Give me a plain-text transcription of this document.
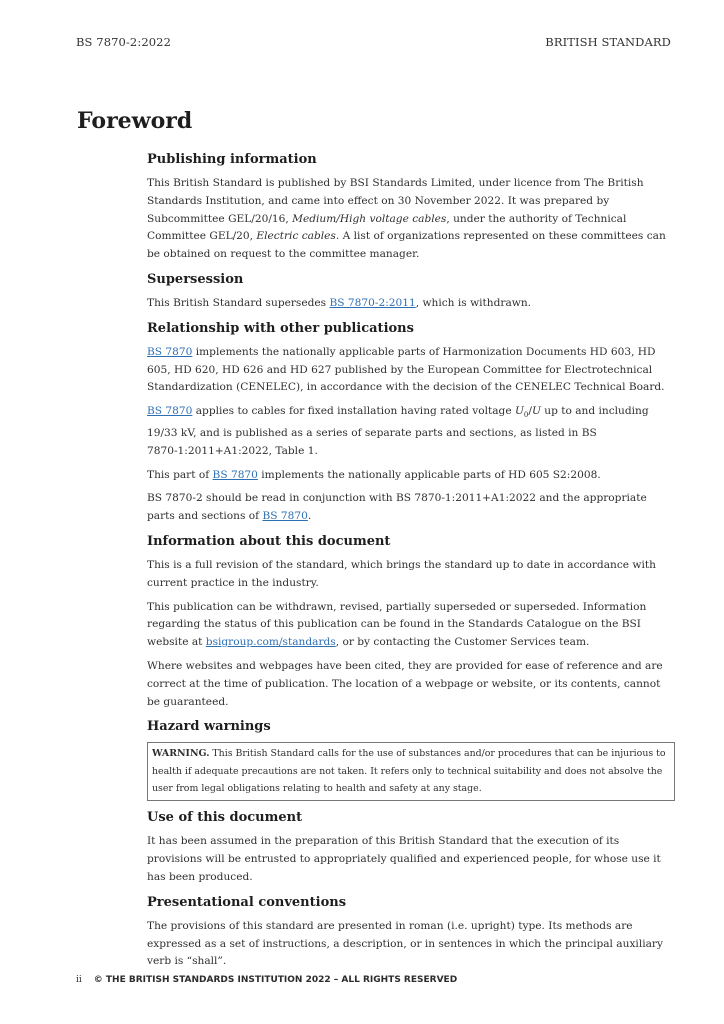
BS 7870‑2:2022	BRITISH STANDARD
Foreword
Publishing information

This British Standard is published by BSI Standards Limited, under licence from The British Standards Institution, and came into effect on 30 November 2022. It was prepared by Subcommittee GEL/20/16, Medium/High voltage cables, under the authority of Technical Committee GEL/20, Electric cables. A list of organizations represented on these committees can be obtained on request to the committee manager.

Supersession

This British Standard supersedes BS 7870‑2:2011, which is withdrawn.

Relationship with other publications

BS 7870 implements the nationally applicable parts of Harmonization Documents HD 603, HD 605, HD 620, HD 626 and HD 627 published by the European Committee for Electrotechnical Standardization (CENELEC), in accordance with the decision of the CENELEC Technical Board.

BS 7870 applies to cables for fixed installation having rated voltage $U_0/U$ up to and including 19/33 kV, and is published as a series of separate parts and sections, as listed in BS 7870‑1:2011+A1:2022, Table 1.

This part of BS 7870 implements the nationally applicable parts of HD 605 S2:2008.

BS 7870‑2 should be read in conjunction with BS 7870‑1:2011+A1:2022 and the appropriate parts and sections of BS 7870.

Information about this document

This is a full revision of the standard, which brings the standard up to date in accordance with current practice in the industry.

This publication can be withdrawn, revised, partially superseded or superseded. Information regarding the status of this publication can be found in the Standards Catalogue on the BSI website at bsigroup.com/standards, or by contacting the Customer Services team.

Where websites and webpages have been cited, they are provided for ease of reference and are correct at the time of publication. The location of a webpage or website, or its contents, cannot be guaranteed.

Hazard warnings
WARNING. This British Standard calls for the use of substances and/or procedures that can be injurious to health if adequate precautions are not taken. It refers only to technical suitability and does not absolve the user from legal obligations relating to health and safety at any stage.
Use of this document

It has been assumed in the preparation of this British Standard that the execution of its provisions will be entrusted to appropriately qualified and experienced people, for whose use it has been produced.

Presentational conventions

The provisions of this standard are presented in roman (i.e. upright) type. Its methods are expressed as a set of instructions, a description, or in sentences in which the principal auxiliary verb is “shall”.

ii © THE BRITISH STANDARDS INSTITUTION 2022 – ALL RIGHTS RESERVED
